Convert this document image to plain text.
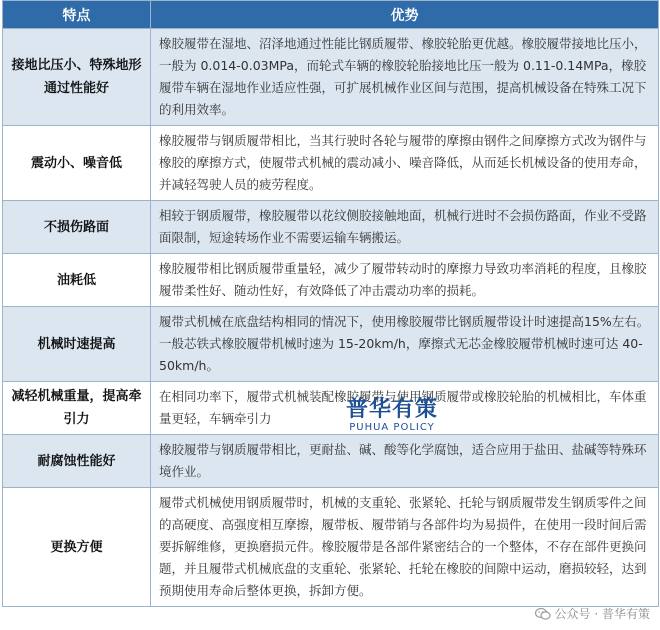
特点	优势
接地比压小、特殊地形通过性能好	橡胶履带在湿地、沼泽地通过性能比钢质履带、橡胶轮胎更优越。橡胶履带接地比压小，一般为 0.014-0.03MPa，而轮式车辆的橡胶轮胎接地比压一般为 0.11-0.14MPa，橡胶履带车辆在湿地作业适应性强，可扩展机械作业区间与范围，提高机械设备在特殊工况下的利用效率。
震动小、噪音低	橡胶履带与钢质履带相比，当其行驶时各轮与履带的摩擦由钢件之间摩擦方式改为钢件与橡胶的摩擦方式，使履带式机械的震动减小、噪音降低，从而延长机械设备的使用寿命，并减轻驾驶人员的疲劳程度。
不损伤路面	相较于钢质履带，橡胶履带以花纹侧胶接触地面，机械行进时不会损伤路面，作业不受路面限制，短途转场作业不需要运输车辆搬运。
油耗低	橡胶履带相比钢质履带重量轻，减少了履带转动时的摩擦力导致功率消耗的程度，且橡胶履带柔性好、随动性好，有效降低了冲击震动功率的损耗。
机械时速提高	履带式机械在底盘结构相同的情况下，使用橡胶履带比钢质履带设计时速提高15%左右。一般芯铁式橡胶履带机械时速为 15-20km/h，摩擦式无芯金橡胶履带机械时速可达 40-50km/h。
减轻机械重量，提高牵引力	在相同功率下，履带式机械装配橡胶履带与使用钢质履带或橡胶轮胎的机械相比，车体重量更轻，车辆牵引力
耐腐蚀性能好	橡胶履带与钢质履带相比，更耐盐、碱、酸等化学腐蚀，适合应用于盐田、盐碱等特殊环境作业。
更换方便	履带式机械使用钢质履带时，机械的支重轮、张紧轮、托轮与钢质履带发生钢质零件之间的高硬度、高强度相互摩擦，履带板、履带销与各部件均为易损件，在使用一段时间后需要拆解维修，更换磨损元件。橡胶履带是各部件紧密结合的一个整体，不存在部件更换问题，并且履带式机械底盘的支重轮、张紧轮、托轮在橡胶的间隙中运动，磨损较轻，达到预期使用寿命后整体更换，拆卸方便。
普华有策
PUHUA POLICY
公众号 · 普华有策
